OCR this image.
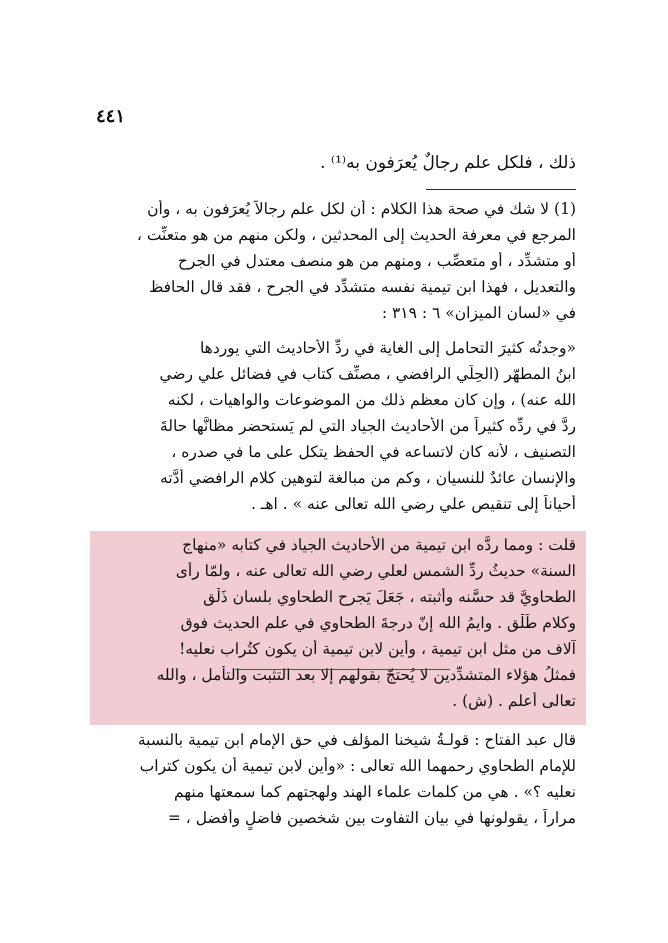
٤٤١
ذلك ، فلكل علم رجالٌ يُعرَفون به⁽¹⁾ .
(1) لا شك في صحة هذا الكلام : أن لكل علم رجالاً يُعرَفون به ، وأن
المرجع في معرفة الحديث إلى المحدثين ، ولكن منهم من هو متعنِّت ،
أو متشدِّد ، أو متعصِّب ، ومنهم من هو منصف معتدل في الجرح
والتعديل ، فهذا ابن تيمية نفسه متشدِّد في الجرح ، فقد قال الحافظ
في «لسان الميزان» ٦ : ٣١٩ :
«وجدتُه كثيرَ التحامل إلى الغاية في ردِّ الأحاديث التي يوردها
ابنُ المطهّر (الحِلّي الرافضي ، مصنِّف كتاب في فضائل علي رضي
الله عنه) ، وإن كان معظم ذلك من الموضوعات والواهيات ، لكنه
ردَّ في ردِّه كثيراً من الأحاديث الجياد التي لم يَستحضر مظانَّها حالةَ
التصنيف ، لأنه كان لاتساعه في الحفظ يتكل على ما في صدره ،
والإنسان عائدٌ للنسيان ، وكم من مبالغة لتوهين كلام الرافضي أدَّته
أحياناً إلى تنقيص علي رضي الله تعالى عنه » . اهـ .
قلت : ومما ردَّه ابن تيمية من الأحاديث الجياد في كتابه «منهاج
السنة» حديثُ ردِّ الشمس لعلي رضي الله تعالى عنه ، ولمّا رأى
الطحاويَّ قد حسَّنه وأثبته ، جَعَلَ يَجرح الطحاوي بلسان ذَلْق
وكلام طَلْق . وايمُ الله إنّ درجةَ الطحاوي في علم الحديث فوق
آلاف من مثل ابن تيمية ، وأين لابن تيمية أن يكون كتُراب نعليه!
فمثلُ هؤلاء المتشدِّدين لا يُحتجّ بقولهم إلا بعد التثبت والتأمل ، والله
تعالى أعلم . (ش) .
قال عبد الفتاح : قولـةُ شيخنا المؤلف في حق الإمام ابن تيمية بالنسبة
للإمام الطحاوي رحمهما الله تعالى : «وأين لابن تيمية أن يكون كتراب
نعليه ؟» . هي من كلمات علماء الهند ولهجتهم كما سمعتها منهم
مراراً ، يقولونها في بيان التفاوت بين شخصين فاضلٍ وأفضل ، =
